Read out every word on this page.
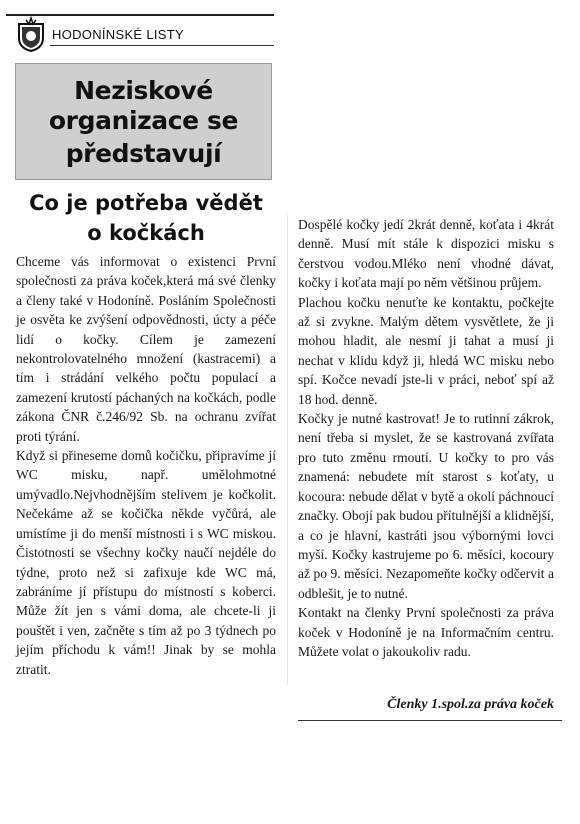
HODONÍNSKÉ LISTY
Neziskové
organizace se
představují
Co je potřeba vědět
o kočkách

Chceme vás informovat o existenci První společnosti za práva koček,která má své členky a členy také v Hodoníně. Posláním Společnosti je osvěta ke zvýšení odpovědnosti, úcty a péče lidí o kočky. Cílem je zamezení nekontrolovatelného množení (kastracemi) a tím i strádání velkého počtu populací a zamezení krutostí páchaných na kočkách, podle zákona ČNR č.246/92 Sb. na ochranu zvířat proti týrání.

Když si přineseme domů kočičku, připravíme jí WC misku, např. umělohmotné umývadlo.Nejvhodnějším stelivem je kočkolit. Nečekáme až se kočička někde vyčůrá, ale umístíme ji do menší místnosti i s WC miskou. Čistotnosti se všechny kočky naučí nejdéle do týdne, proto než si zafixuje kde WC má, zabráníme jí přístupu do místností s koberci. Může žít jen s vámi doma, ale chcete-li ji pouštět i ven, začněte s tím až po 3 týdnech po jejím příchodu k vám!! Jinak by se mohla ztratit.

Dospělé kočky jedí 2krát denně, koťata i 4krát denně. Musí mít stále k dispozici misku s čerstvou vodou.Mléko není vhodné dávat, kočky i koťata mají po něm většinou průjem.

Plachou kočku nenuťte ke kontaktu, počkejte až si zvykne. Malým dětem vysvětlete, že ji mohou hladit, ale nesmí ji tahat a musí ji nechat v klidu když ji, hledá WC misku nebo spí. Kočce nevadí jste-li v práci, neboť spí až 18 hod. denně.

Kočky je nutné kastrovat! Je to rutinní zákrok, není třeba si myslet, že se kastrovaná zvířata pro tuto změnu rmoutí. U kočky to pro vás znamená: nebudete mít starost s koťaty, u kocoura: nebude dělat v bytě a okolí páchnoucí značky. Obojí pak budou přítulnější a klidnější, a co je hlavní, kastráti jsou výbornými lovci myší. Kočky kastrujeme po 6. měsíci, kocoury až po 9. měsíci. Nezapomeňte kočky odčervit a odblešit, je to nutné.

Kontakt na členky První společnosti za práva koček v Hodoníně je na Informačním centru. Můžete volat o jakoukoliv radu.

Členky 1.spol.za práva koček
